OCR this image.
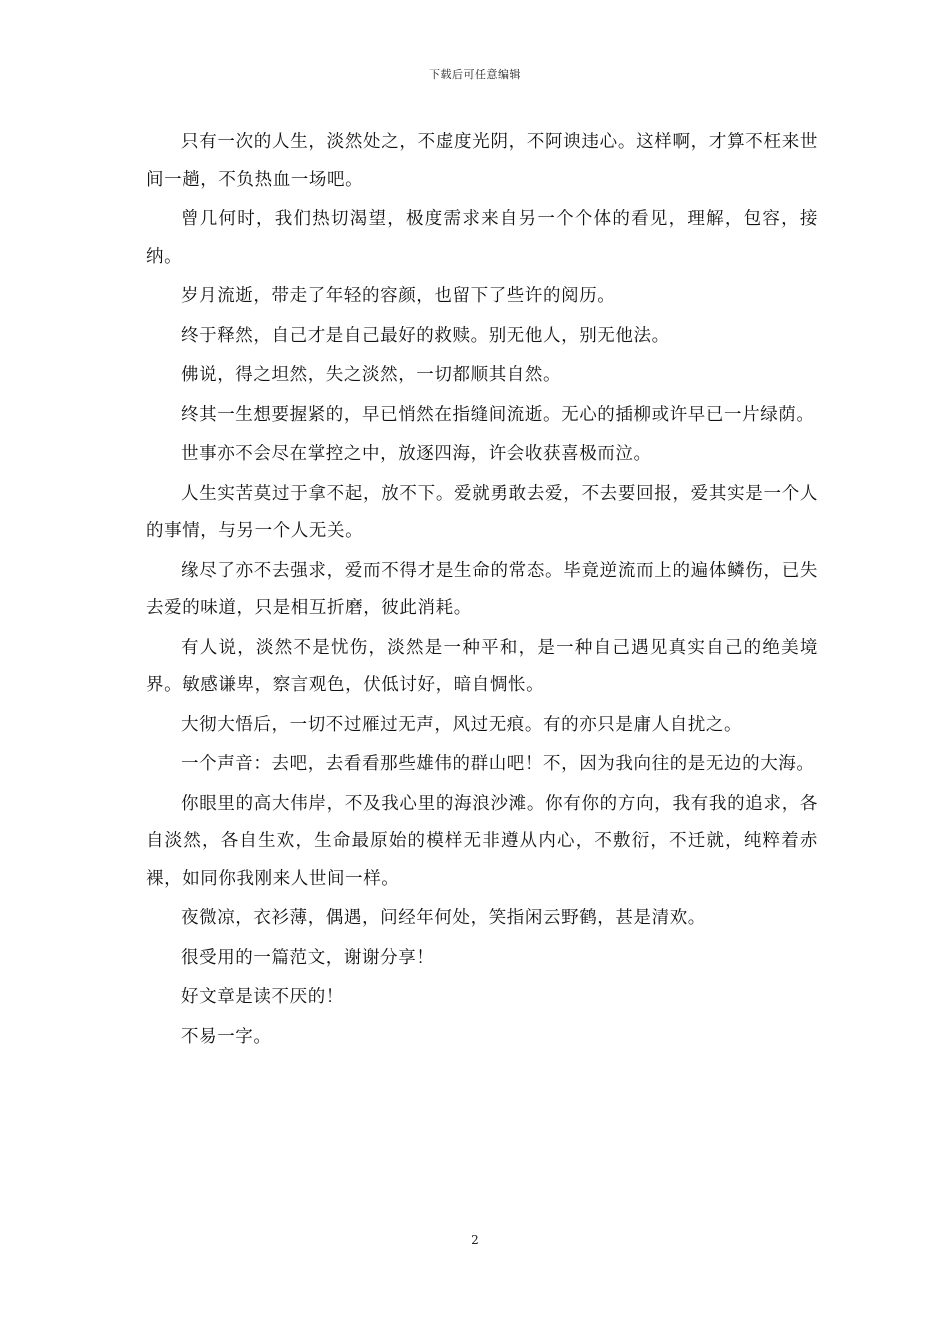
下载后可任意编辑

只有一次的人生，淡然处之，不虚度光阴，不阿谀违心。这样啊，才算不枉来世间一趟，不负热血一场吧。

曾几何时，我们热切渴望，极度需求来自另一个个体的看见，理解，包容，接纳。

岁月流逝，带走了年轻的容颜，也留下了些许的阅历。

终于释然，自己才是自己最好的救赎。别无他人，别无他法。

佛说，得之坦然，失之淡然，一切都顺其自然。

终其一生想要握紧的，早已悄然在指缝间流逝。无心的插柳或许早已一片绿荫。

世事亦不会尽在掌控之中，放逐四海，许会收获喜极而泣。

人生实苦莫过于拿不起，放不下。爱就勇敢去爱，不去要回报，爱其实是一个人的事情，与另一个人无关。

缘尽了亦不去强求，爱而不得才是生命的常态。毕竟逆流而上的遍体鳞伤，已失去爱的味道，只是相互折磨，彼此消耗。

有人说，淡然不是忧伤，淡然是一种平和，是一种自己遇见真实自己的绝美境界。敏感谦卑，察言观色，伏低讨好，暗自惆怅。

大彻大悟后，一切不过雁过无声，风过无痕。有的亦只是庸人自扰之。

一个声音：去吧，去看看那些雄伟的群山吧！不，因为我向往的是无边的大海。

你眼里的高大伟岸，不及我心里的海浪沙滩。你有你的方向，我有我的追求，各自淡然，各自生欢，生命最原始的模样无非遵从内心，不敷衍，不迁就，纯粹着赤裸，如同你我刚来人世间一样。

夜微凉，衣衫薄，偶遇，问经年何处，笑指闲云野鹤，甚是清欢。

很受用的一篇范文，谢谢分享！

好文章是读不厌的！

不易一字。

2
